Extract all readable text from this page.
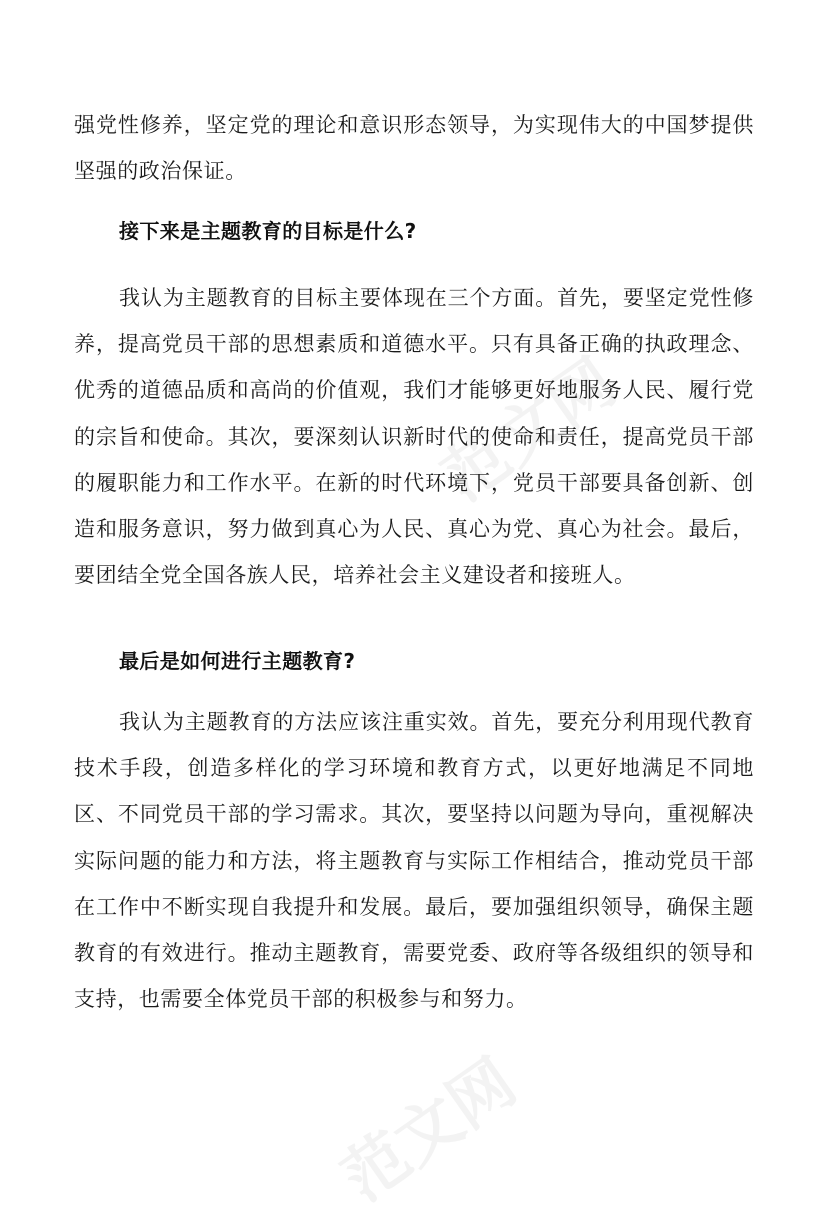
范文网
范文网

强党性修养，坚定党的理论和意识形态领导，为实现伟大的中国梦提供坚强的政治保证。

接下来是主题教育的目标是什么?

我认为主题教育的目标主要体现在三个方面。首先，要坚定党性修养，提高党员干部的思想素质和道德水平。只有具备正确的执政理念、优秀的道德品质和高尚的价值观，我们才能够更好地服务人民、履行党的宗旨和使命。其次，要深刻认识新时代的使命和责任，提高党员干部的履职能力和工作水平。在新的时代环境下，党员干部要具备创新、创造和服务意识，努力做到真心为人民、真心为党、真心为社会。最后，要团结全党全国各族人民，培养社会主义建设者和接班人。

最后是如何进行主题教育?

我认为主题教育的方法应该注重实效。首先，要充分利用现代教育技术手段，创造多样化的学习环境和教育方式，以更好地满足不同地区、不同党员干部的学习需求。其次，要坚持以问题为导向，重视解决实际问题的能力和方法，将主题教育与实际工作相结合，推动党员干部在工作中不断实现自我提升和发展。最后，要加强组织领导，确保主题教育的有效进行。推动主题教育，需要党委、政府等各级组织的领导和支持，也需要全体党员干部的积极参与和努力。
